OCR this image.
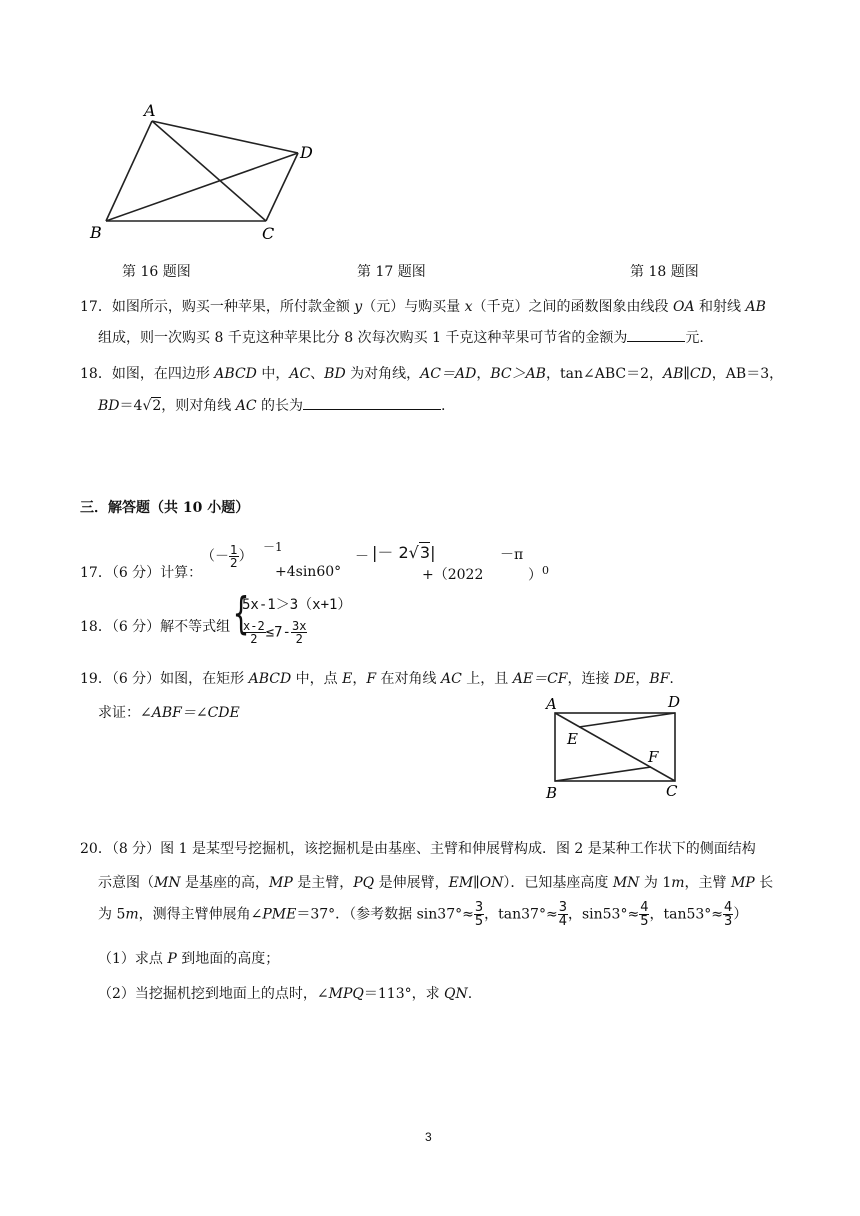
A
D
B	C
第 16 题图	第 17 题图	第 18 题图
17．如图所示，购买一种苹果，所付款金额 y（元）与购买量 x（千克）之间的函数图象由线段 OA 和射线 AB
组成，则一次购买 8 千克这种苹果比分 8 次每次购买 1 千克这种苹果可节省的金额为	元.
18．如图，在四边形 ABCD 中，AC、BD 为对角线，AC＝AD，BC＞AB，tan∠ABC＝2，AB∥CD，AB＝3，
BD＝4√2，则对角线 AC 的长为	.
三．解答题（共 10 小题）
17．（6 分）计算：
（－ $\frac{1}{2}$ ）
－1
+4sin60°
－ |－ 2√3|
+（2022
－π
）$^0$
18．（6 分）解不等式组 {
5x-1＞3（x+1）
$\frac{x-2}{2} \le 7- \frac{3x}{2}$
19．（6 分）如图，在矩形 ABCD 中，点 E，F 在对角线 AC 上，且 AE＝CF，连接 DE，BF.
求证：∠ABF＝∠CDE	A	D
E
F
B	C
20．（8 分）图 1 是某型号挖掘机，该挖掘机是由基座、主臂和伸展臂构成．图 2 是某种工作状下的侧面结构
示意图（MN 是基座的高，MP 是主臂，PQ 是伸展臂，EM∥ON）．已知基座高度 MN 为 1m，主臂 MP 长
为 5m，测得主臂伸展角∠PME＝37°．（参考数据 $\sin 37^\circ\approx \frac{3}{5}$ ，$\tan 37^\circ\approx \frac{3}{4}$ ，$\sin 53^\circ\approx \frac{4}{5}$ ，$\tan 53^\circ\approx \frac{4}{3}$ ）
（1）求点 P 到地面的高度；
（2）当挖掘机挖到地面上的点时，∠MPQ＝113°，求 QN.
3
